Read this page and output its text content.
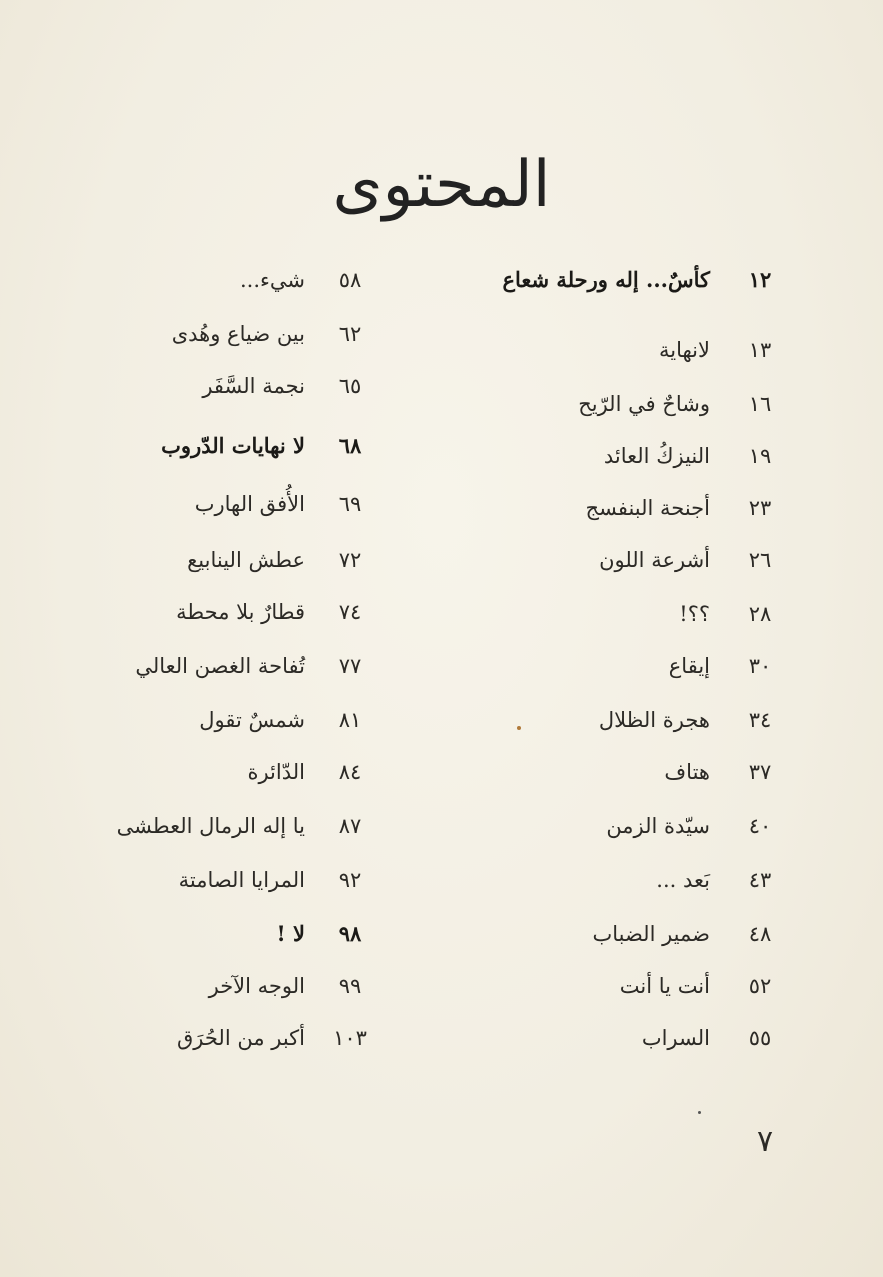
المحتوى
١٢
كأسٌ... إله ورحلة شعاع
١٣
لانهاية
١٦
وشاحٌ في الرّيح
١٩
النيزكُ العائد
٢٣
أجنحة البنفسج
٢٦
أشرعة اللون
٢٨
؟؟!
٣٠
إيقاع
٣٤
هجرة الظلال
٣٧
هتاف
٤٠
سيّدة الزمن
٤٣
بَعد ...
٤٨
ضمير الضباب
٥٢
أنت يا أنت
٥٥
السراب
٥٨
شيء...
٦٢
بين ضياع وهُدى
٦٥
نجمة السَّفَر
٦٨
لا نهايات الدّروب
٦٩
الأُفق الهارب
٧٢
عطش الينابيع
٧٤
قطارٌ بلا محطة
٧٧
تُفاحة الغصن العالي
٨١
شمسٌ تقول
٨٤
الدّائرة
٨٧
يا إله الرمال العطشى
٩٢
المرايا الصامتة
٩٨
لا !
٩٩
الوجه الآخر
١٠٣
أكبر من الحُرَق
٧
